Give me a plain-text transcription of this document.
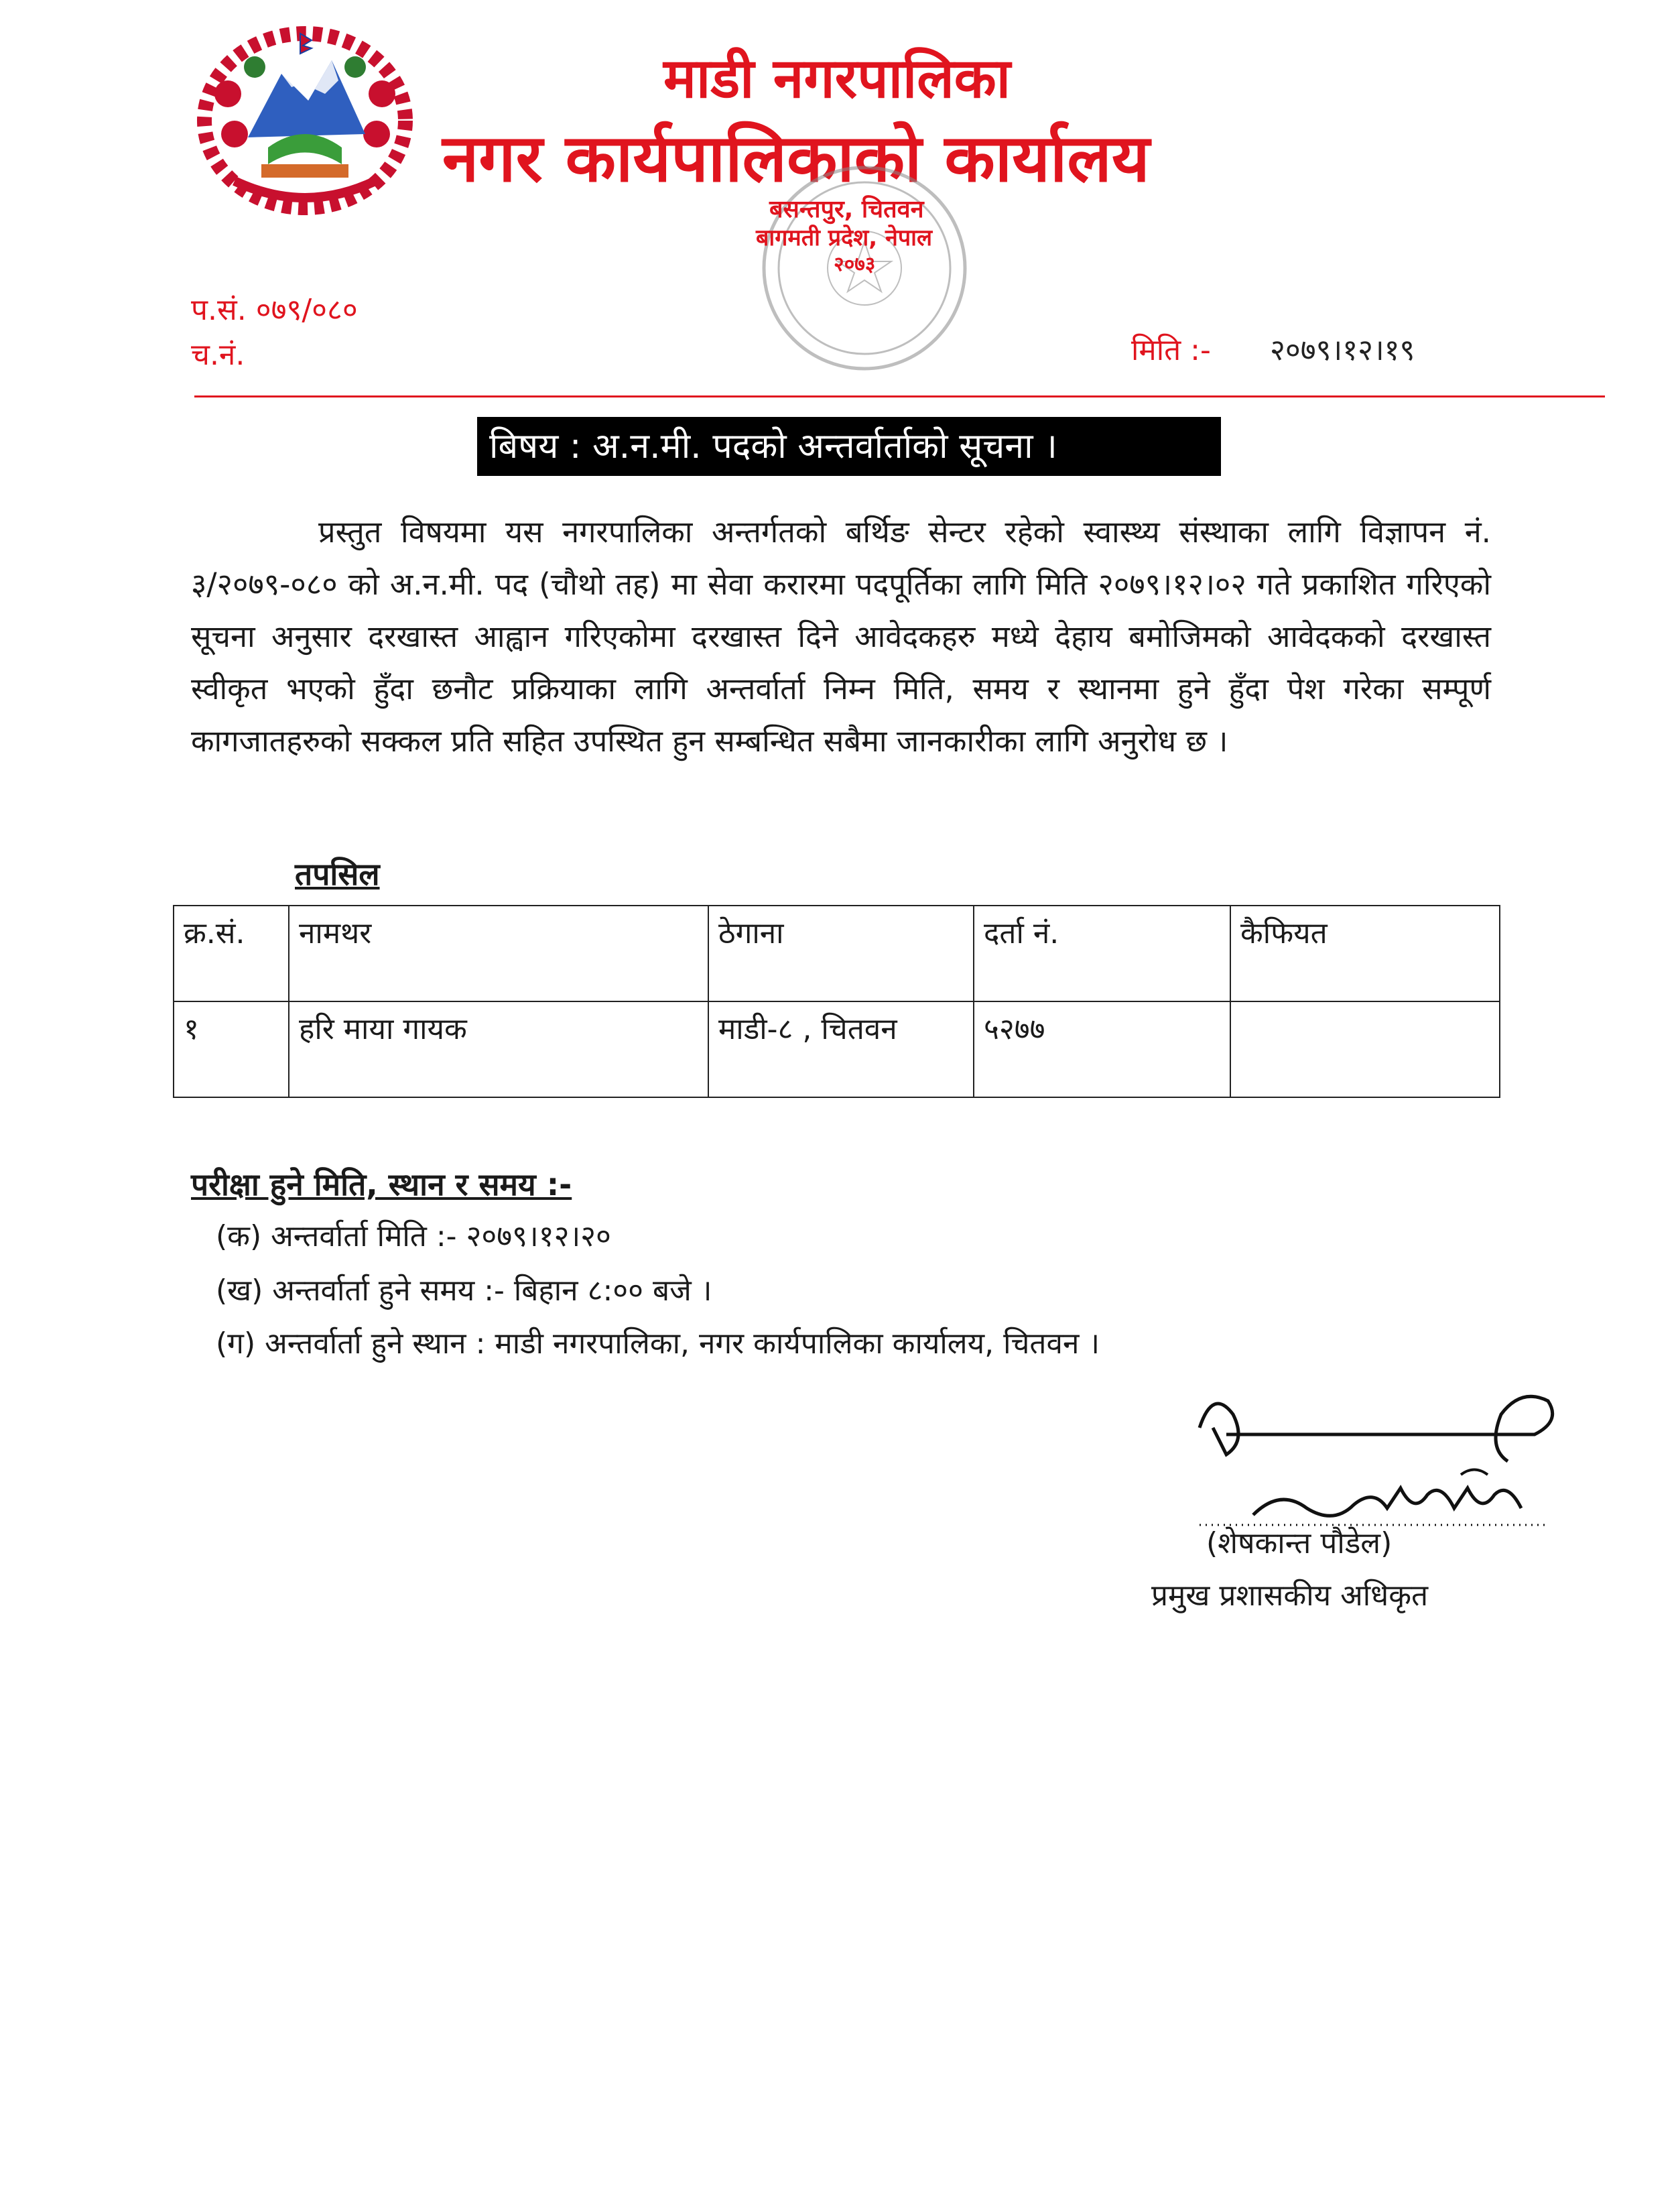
माडी नगरपालिका
नगर कार्यपालिकाको कार्यालय
बसन्तपुर, चितवन
बागमती प्रदेश, नेपाल
२०७३
प.सं. ०७९/०८०
च.नं.	मिति :- २०७९।१२।१९
बिषय : अ.न.मी. पदको अन्तर्वार्ताको सूचना ।

प्रस्तुत विषयमा यस नगरपालिका अन्तर्गतको बर्थिङ सेन्टर रहेको स्वास्थ्य संस्थाका लागि विज्ञापन नं. ३/२०७९-०८० को अ.न.मी. पद (चौथो तह) मा सेवा करारमा पदपूर्तिका लागि मिति २०७९।१२।०२ गते प्रकाशित गरिएको सूचना अनुसार दरखास्त आह्वान गरिएकोमा दरखास्त दिने आवेदकहरु मध्ये देहाय बमोजिमको आवेदकको दरखास्त स्वीकृत भएको हुँदा छनौट प्रक्रियाका लागि अन्तर्वार्ता निम्न मिति, समय र स्थानमा हुने हुँदा पेश गरेका सम्पूर्ण कागजातहरुको सक्कल प्रति सहित उपस्थित हुन सम्बन्धित सबैमा जानकारीका लागि अनुरोध छ ।

तपसिल
क्र.सं.	नामथर	ठेगाना	दर्ता नं.	कैफियत
१	हरि माया गायक	माडी-८ , चितवन	५२७७	
परीक्षा हुने मिति, स्थान र समय :-
(क) अन्तर्वार्ता मिति :- २०७९।१२।२०
(ख) अन्तर्वार्ता हुने समय :- बिहान ८:०० बजे ।
(ग) अन्तर्वार्ता हुने स्थान : माडी नगरपालिका, नगर कार्यपालिका कार्यालय, चितवन ।
(शेषकान्त पौडेल)
प्रमुख प्रशासकीय अधिकृत
